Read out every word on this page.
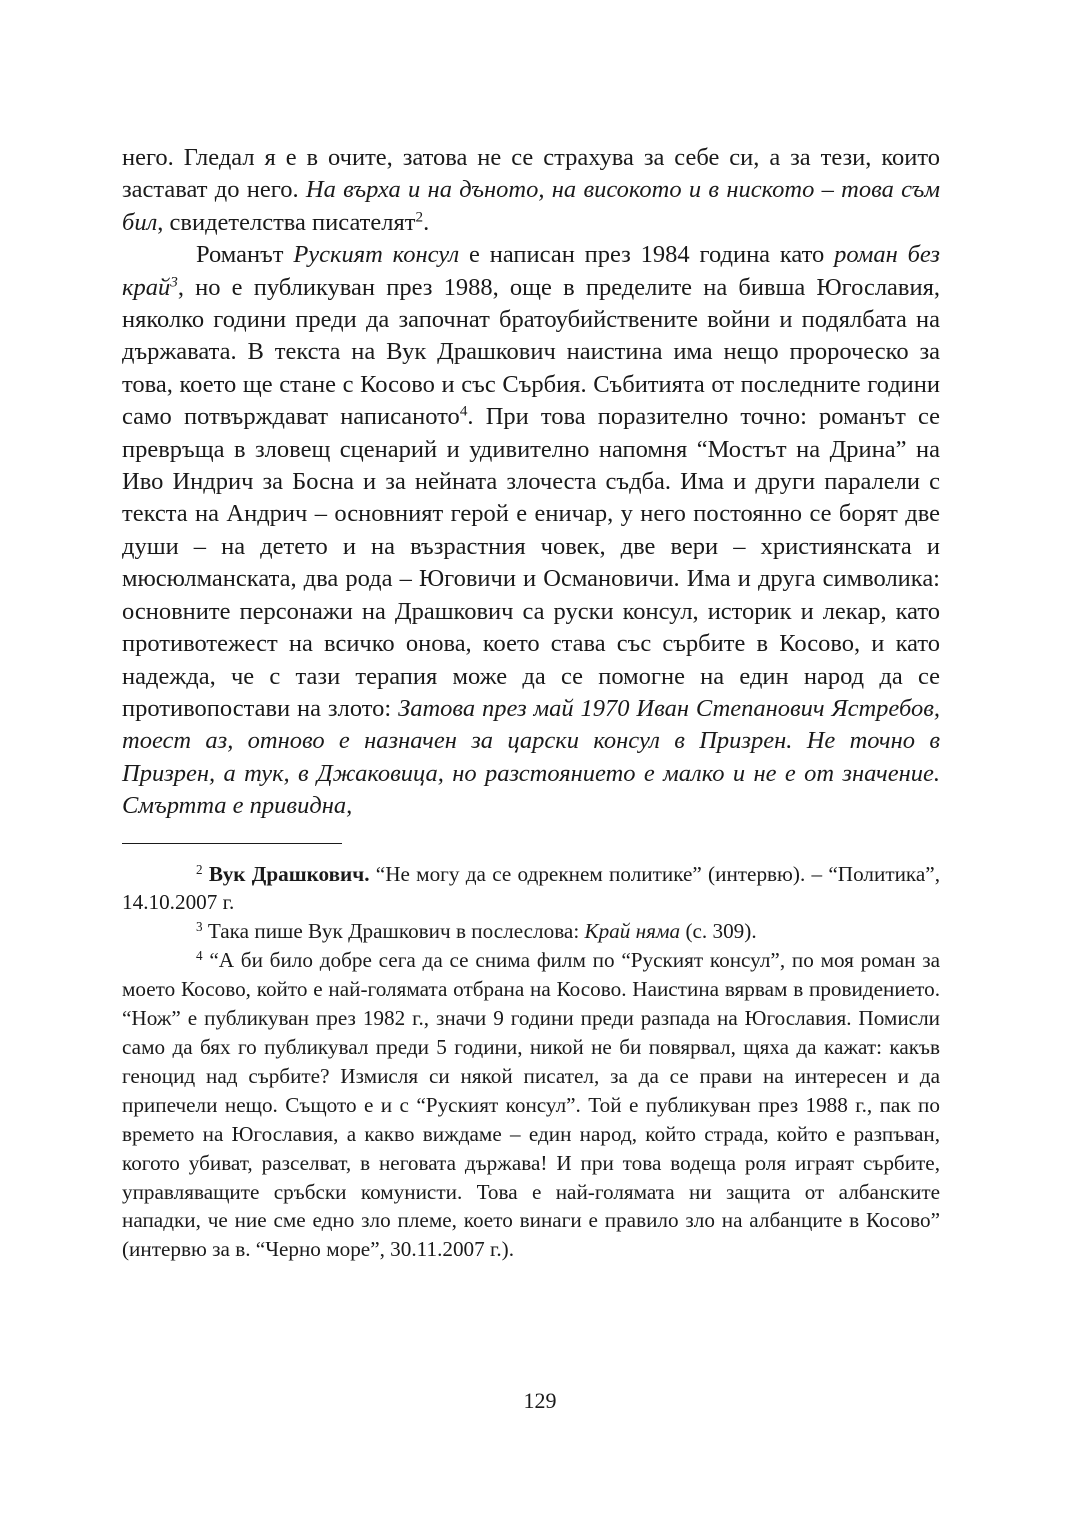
него. Гледал я е в очите, затова не се страхува за себе си, а за тези, които застават до него. На върха и на дъното, на високото и в ниското – това съм бил, свидетелства писателят$^2$.

Романът Руският консул е написан през 1984 година като роман без край$^3$, но е публикуван през 1988, още в пределите на бивша Югославия, няколко години преди да започнат братоубийствените войни и подялбата на държавата. В текста на Вук Драшкович наистина има нещо пророческо за това, което ще стане с Косово и със Сърбия. Събитията от последните години само потвърждават написаното$^4$. При това поразително точно: романът се превръща в зловещ сценарий и удивително напомня “Мостът на Дрина” на Иво Индрич за Босна и за нейната злочеста съдба. Има и други паралели с текста на Андрич – основният герой е еничар, у него постоянно се борят две души – на детето и на възрастния човек, две вери – християнската и мюсюлманската, два рода – Юговичи и Османовичи. Има и друга символика: основните персонажи на Драшкович са руски консул, историк и лекар, като противотежест на всичко онова, което става със сърбите в Косово, и като надежда, че с тази терапия може да се помогне на един народ да се противопостави на злото: Затова през май 1970 Иван Степанович Ястребов, тоест аз, отново е назначен за царски консул в Призрен. Не точно в Призрен, а тук, в Джаковица, но разстоянието е малко и не е от значение. Смъртта е привидна,

$^2$ Вук Драшкович. “Не могу да се одрекнем политике” (интервю). – “Политика”, 14.10.2007 г.

$^3$ Така пише Вук Драшкович в послеслова: Край няма (с. 309).

$^4$ “А би било добре сега да се снима филм по “Руският консул”, по моя роман за моето Косово, който е най-голямата отбрана на Косово. Наистина вярвам в провидението. “Нож” е публикуван през 1982 г., значи 9 години преди разпада на Югославия. Помисли само да бях го публикувал преди 5 години, никой не би повярвал, щяха да кажат: какъв геноцид над сърбите? Измисля си някой писател, за да се прави на интересен и да припечели нещо. Същото е и с “Руският консул”. Той е публикуван през 1988 г., пак по времето на Югославия, а какво виждаме – един народ, който страда, който е разпъван, когото убиват, разселват, в неговата държава! И при това водеща роля играят сърбите, управляващите сръбски комунисти. Това е най-голямата ни защита от албанските нападки, че ние сме едно зло племе, което винаги е правило зло на албанците в Косово” (интервю за в. “Черно море”, 30.11.2007 г.).

129
